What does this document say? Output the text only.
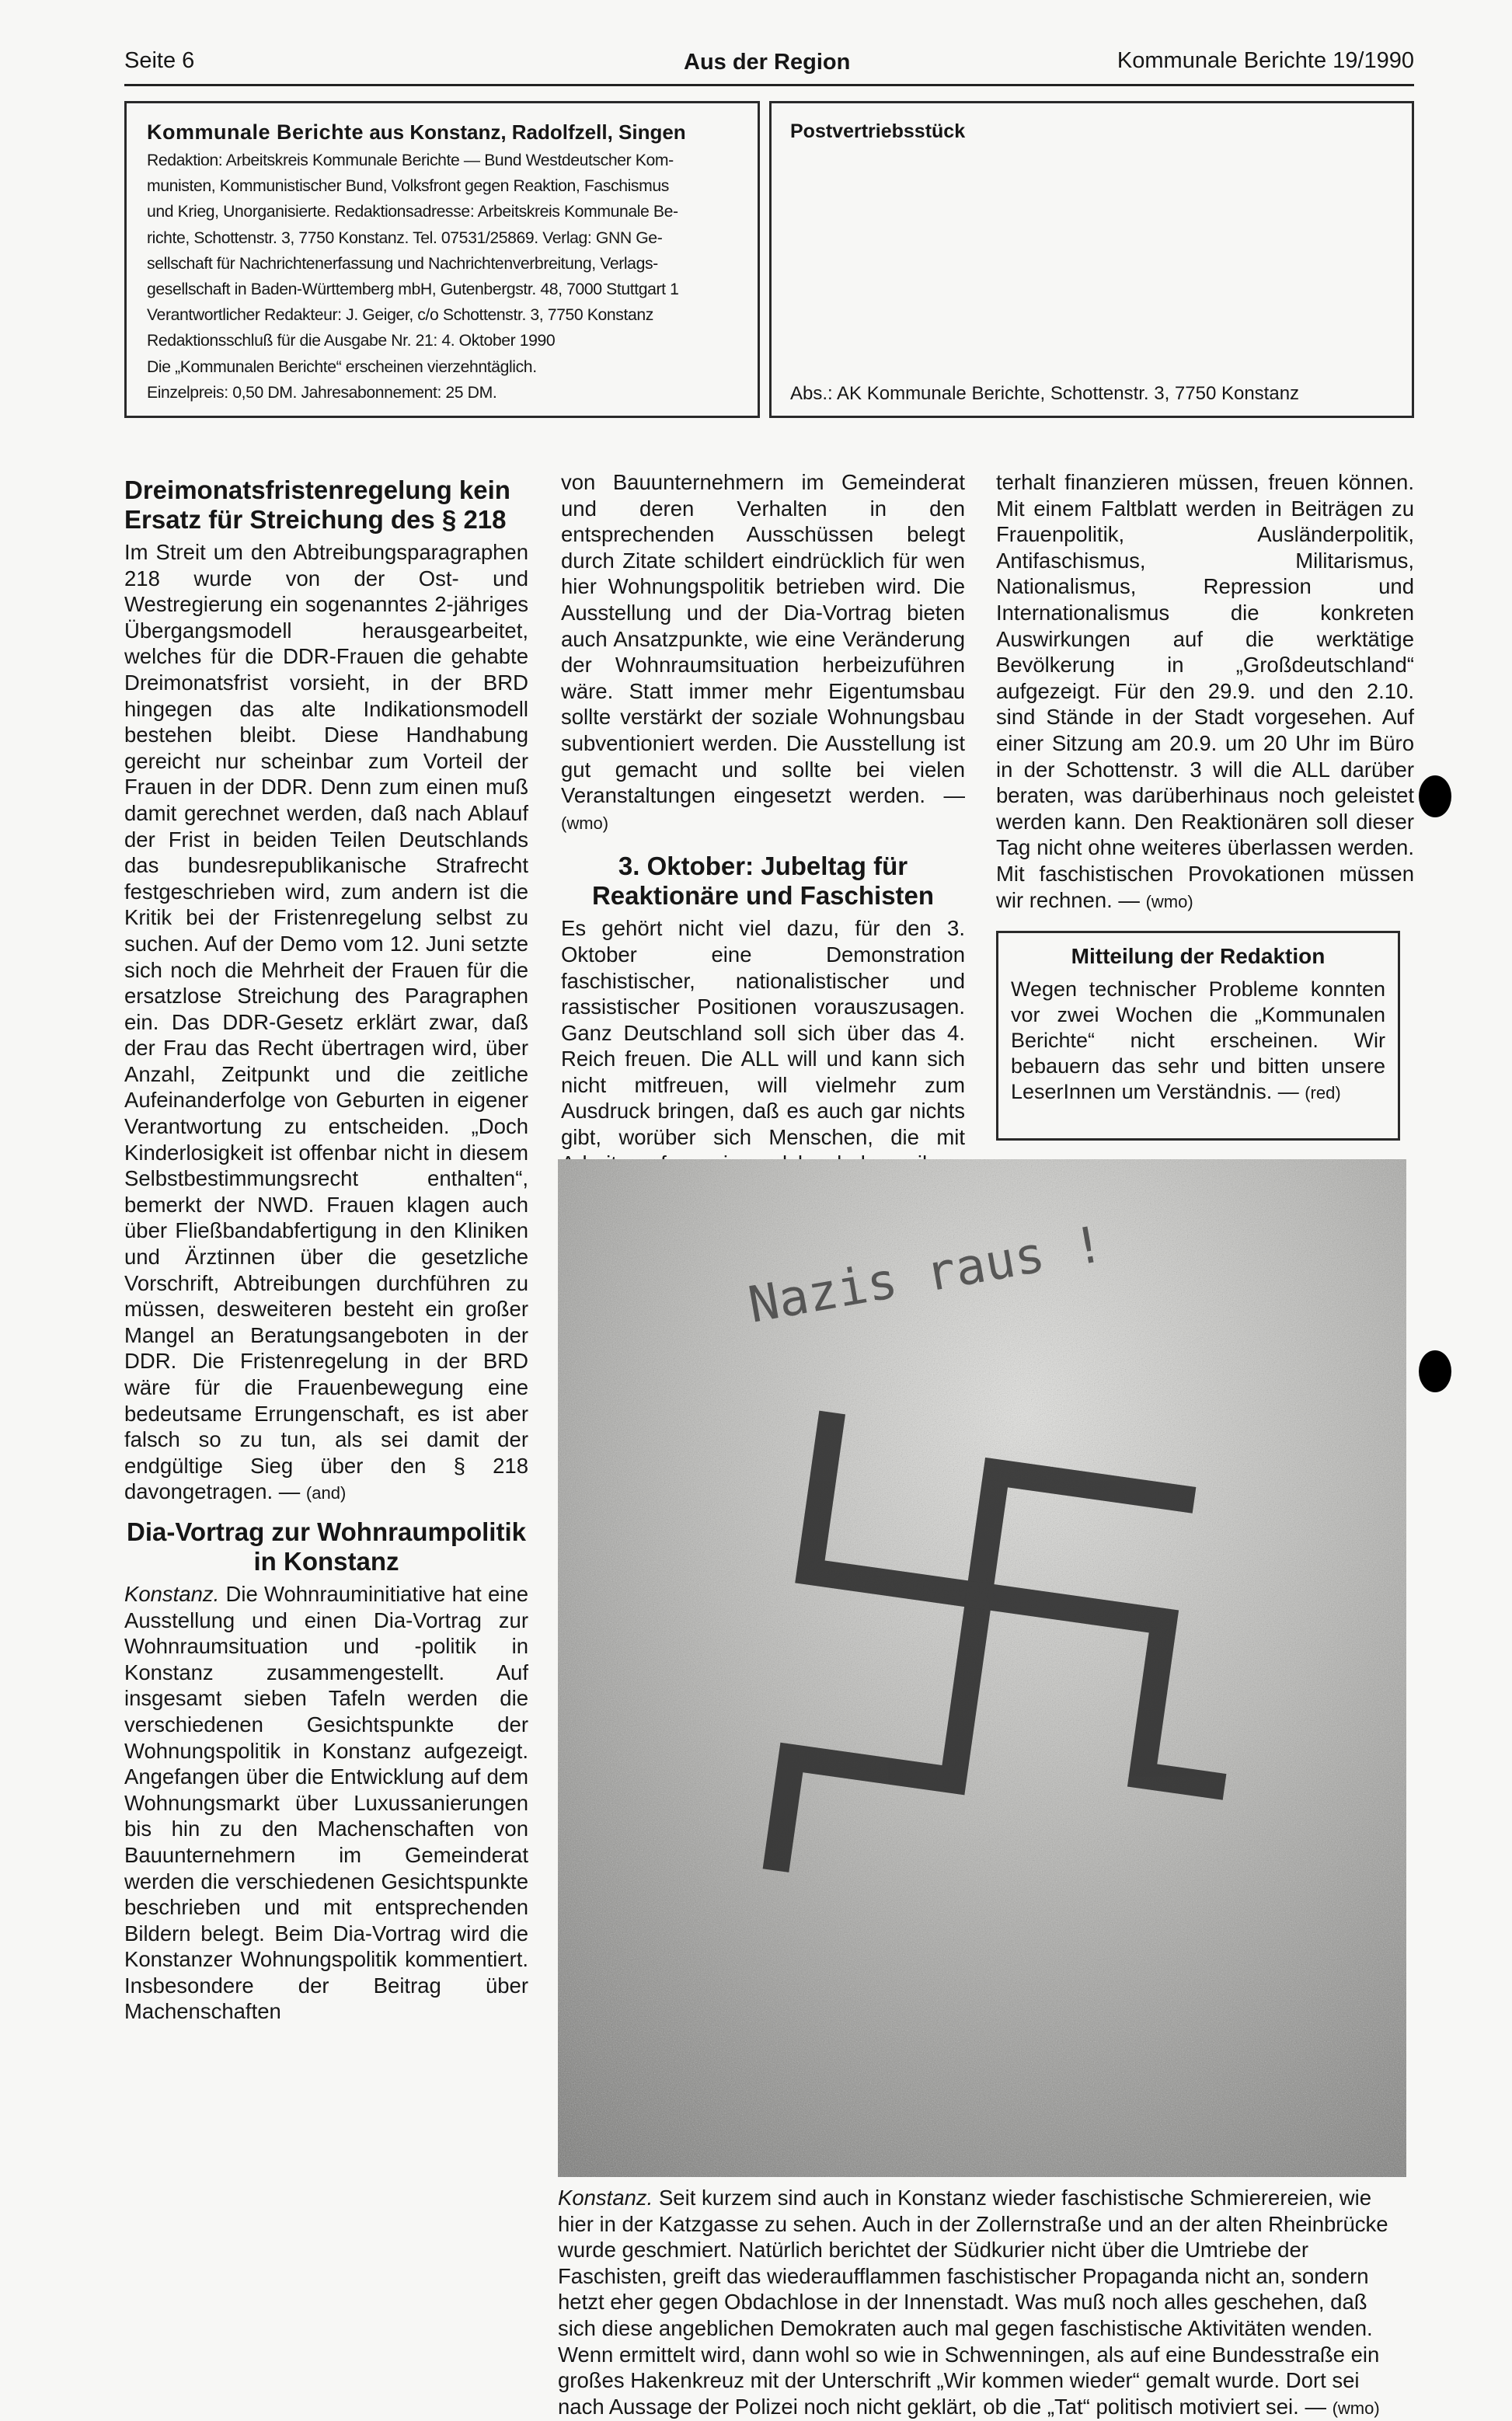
Seite 6	Aus der Region	Kommunale Berichte 19/1990
Kommunale Berichte aus Konstanz, Radolfzell, Singen
Redaktion: Arbeitskreis Kommunale Berichte — Bund Westdeutscher Kom-
munisten, Kommunistischer Bund, Volksfront gegen Reaktion, Faschismus
und Krieg, Unorganisierte. Redaktionsadresse: Arbeitskreis Kommunale Be-
richte, Schottenstr. 3, 7750 Konstanz. Tel. 07531/25869. Verlag: GNN Ge-
sellschaft für Nachrichtenerfassung und Nachrichtenverbreitung, Verlags-
gesellschaft in Baden-Württemberg mbH, Gutenbergstr. 48, 7000 Stuttgart 1
Verantwortlicher Redakteur: J. Geiger, c/o Schottenstr. 3, 7750 Konstanz
Redaktionsschluß für die Ausgabe Nr. 21: 4. Oktober 1990
Die „Kommunalen Berichte“ erscheinen vierzehntäglich.
Einzelpreis: 0,50 DM. Jahresabonnement: 25 DM.
Postvertriebsstück
Abs.: AK Kommunale Berichte, Schottenstr. 3, 7750 Konstanz
Dreimonatsfristenregelung kein Ersatz für Streichung des § 218

Im Streit um den Abtreibungsparagraphen 218 wurde von der Ost- und Westregierung ein sogenanntes 2-jähriges Übergangsmodell herausgearbeitet, welches für die DDR-Frauen die gehabte Dreimonatsfrist vorsieht, in der BRD hingegen das alte Indikationsmodell bestehen bleibt. Diese Handhabung gereicht nur scheinbar zum Vorteil der Frauen in der DDR. Denn zum einen muß damit gerechnet werden, daß nach Ablauf der Frist in beiden Teilen Deutschlands das bundesrepublikanische Strafrecht festgeschrieben wird, zum andern ist die Kritik bei der Fristenregelung selbst zu suchen. Auf der Demo vom 12. Juni setzte sich noch die Mehrheit der Frauen für die ersatzlose Streichung des Paragraphen ein. Das DDR-Gesetz erklärt zwar, daß der Frau das Recht übertragen wird, über Anzahl, Zeitpunkt und die zeitliche Aufeinanderfolge von Geburten in eigener Verantwortung zu entscheiden. „Doch Kinderlosigkeit ist offenbar nicht in diesem Selbstbestimmungsrecht enthalten“, bemerkt der NWD. Frauen klagen auch über Fließbandabfertigung in den Kliniken und Ärztinnen über die gesetzliche Vorschrift, Abtreibungen durchführen zu müssen, desweiteren besteht ein großer Mangel an Beratungsangeboten in der DDR. Die Fristenregelung in der BRD wäre für die Frauenbewegung eine bedeutsame Errungenschaft, es ist aber falsch so zu tun, als sei damit der endgültige Sieg über den § 218 davongetragen. — (and)

Dia-Vortrag zur Wohnraumpolitik in Konstanz

Konstanz. Die Wohnrauminitiative hat eine Ausstellung und einen Dia-Vortrag zur Wohnraumsituation und -politik in Konstanz zusammengestellt. Auf insgesamt sieben Tafeln werden die verschiedenen Gesichtspunkte der Wohnungspolitik in Konstanz aufgezeigt. Angefangen über die Entwicklung auf dem Wohnungsmarkt über Luxussanierungen bis hin zu den Machenschaften von Bauunternehmern im Gemeinderat werden die verschiedenen Gesichtspunkte beschrieben und mit entsprechenden Bildern belegt. Beim Dia-Vortrag wird die Konstanzer Wohnungspolitik kommentiert. Insbesondere der Beitrag über Machenschaften

von Bauunternehmern im Gemeinderat und deren Verhalten in den entsprechenden Ausschüssen belegt durch Zitate schildert eindrücklich für wen hier Wohnungspolitik betrieben wird. Die Ausstellung und der Dia-Vortrag bieten auch Ansatzpunkte, wie eine Veränderung der Wohnraumsituation herbeizuführen wäre. Statt immer mehr Eigentumsbau sollte verstärkt der soziale Wohnungsbau subventioniert werden. Die Ausstellung ist gut gemacht und sollte bei vielen Veranstaltungen eingesetzt werden. — (wmo)

3. Oktober: Jubeltag für Reaktionäre und Faschisten

Es gehört nicht viel dazu, für den 3. Oktober eine Demonstration faschistischer, nationalistischer und rassistischer Positionen vorauszusagen. Ganz Deutschland soll sich über das 4. Reich freuen. Die ALL will und kann sich nicht mitfreuen, will vielmehr zum Ausdruck bringen, daß es auch gar nichts gibt, worüber sich Menschen, die mit

terhalt finanzieren müssen, freuen können. Mit einem Faltblatt werden in Beiträgen zu Frauenpolitik, Ausländerpolitik, Antifaschismus, Militarismus, Nationalismus, Repression und Internationalismus die konkreten Auswirkungen auf die werktätige Bevölkerung in „Großdeutschland“ aufgezeigt. Für den 29.9. und den 2.10. sind Stände in der Stadt vorgesehen. Auf einer Sitzung am 20.9. um 20 Uhr im Büro in der Schottenstr. 3 will die ALL darüber beraten, was darüberhinaus noch geleistet werden kann. Den Reaktionären soll dieser Tag nicht ohne weiteres überlassen werden. Mit faschistischen Provokationen müssen wir rechnen. — (wmo)

Mitteilung der Redaktion

Wegen technischer Probleme konnten vor zwei Wochen die „Kommunalen Berichte“ nicht erscheinen. Wir bebauern das sehr und bitten unsere LeserInnen um Verständnis. — (red)

Nazis raus !
Konstanz. Seit kurzem sind auch in Konstanz wieder faschistische Schmierereien, wie hier in der Katzgasse zu sehen. Auch in der Zollernstraße und an der alten Rheinbrücke wurde geschmiert. Natürlich berichtet der Südkurier nicht über die Umtriebe der Faschisten, greift das wiederaufflammen faschistischer Propaganda nicht an, sondern hetzt eher gegen Obdachlose in der Innenstadt. Was muß noch alles geschehen, daß sich diese angeblichen Demokraten auch mal gegen faschistische Aktivitäten wenden. Wenn ermittelt wird, dann wohl so wie in Schwenningen, als auf eine Bundesstraße ein großes Hakenkreuz mit der Unterschrift „Wir kommen wieder“ gemalt wurde. Dort sei nach Aussage der Polizei noch nicht geklärt, ob die „Tat“ politisch motiviert sei. — (wmo)
